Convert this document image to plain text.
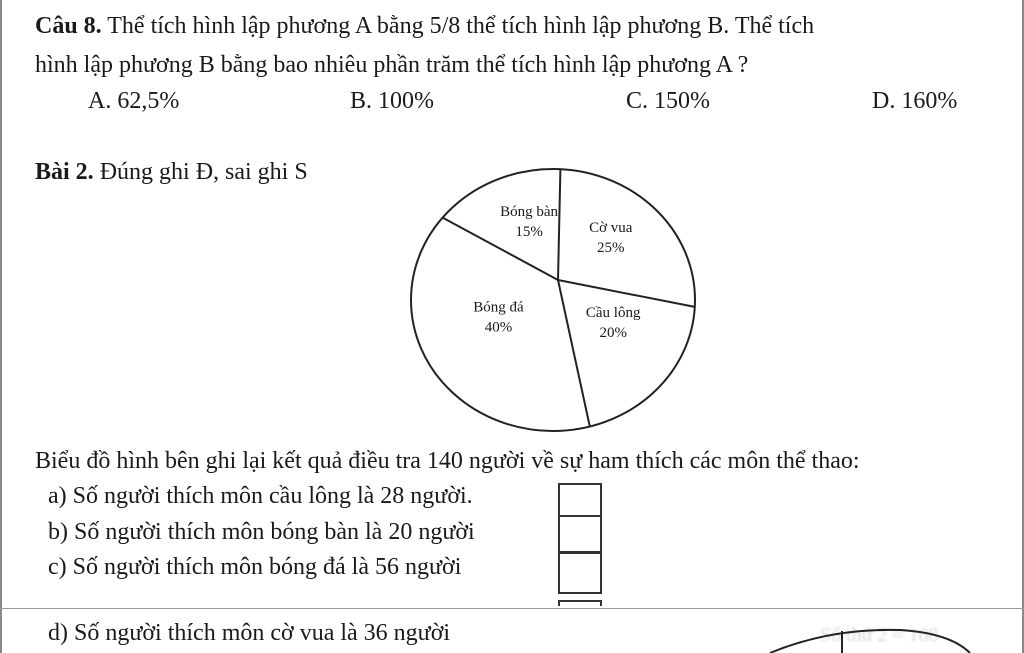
Câu 8. Thể tích hình lập phương A bằng 5/8 thể tích hình lập phương B. Thể tích
hình lập phương B bằng bao nhiêu phần trăm thể tích hình lập phương A ?
A. 62,5%	B. 100%	C. 150%	D. 160%
Bài 2. Đúng ghi Đ, sai ghi S
Cờ vua
25%
Cầu lông
20%
Bóng đá
40%
Bóng bàn
15%
Biểu đồ hình bên ghi lại kết quả điều tra 140 người về sự ham thích các môn thể thao:
a) Số người thích môn cầu lông là 28 người.
b) Số người thích môn bóng bàn là 20 người
c) Số người thích môn bóng đá là 56 người
d) Số người thích môn cờ vua là 36 người	Số thứ 2 ≈ 108
